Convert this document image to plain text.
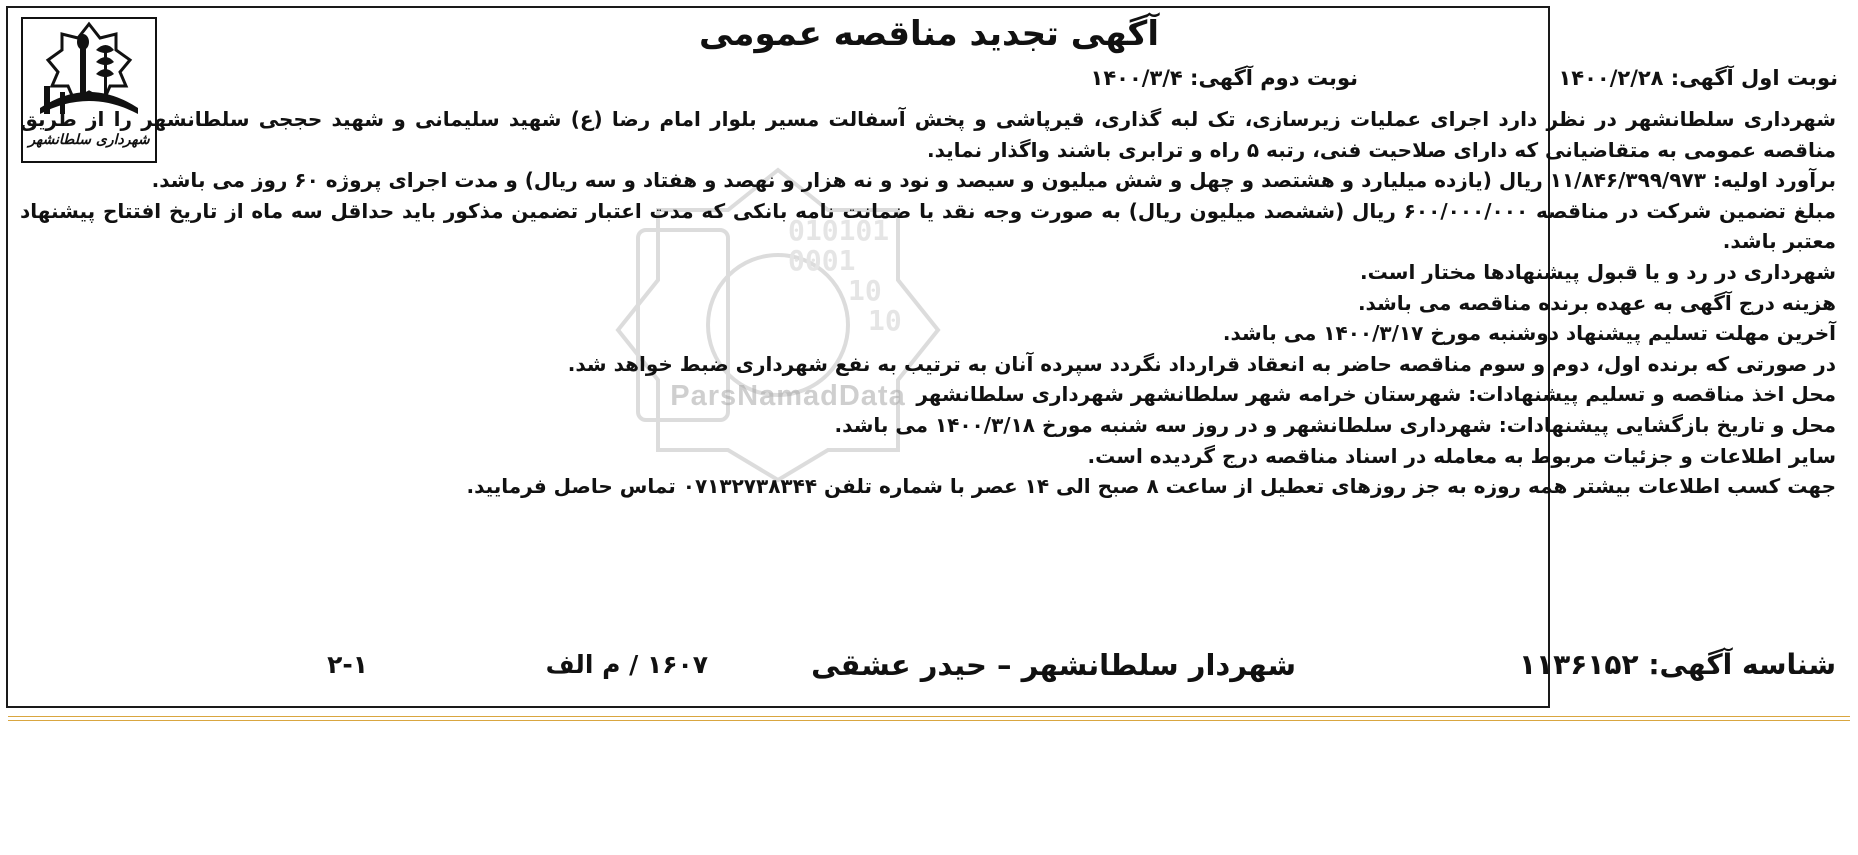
010101
0001
10
10
ParsNamadData
شهرداری سلطانشهر
آگهی تجدید مناقصه عمومی
نوبت اول آگهی: ۱۴۰۰/۲/۲۸
نوبت دوم آگهی: ۱۴۰۰/۳/۴

شهرداری سلطانشهر در نظر دارد اجرای عملیات زیرسازی، تک لبه گذاری، قیرپاشی و پخش آسفالت مسیر بلوار امام رضا (ع) شهید سلیمانی و شهید حججی سلطانشهر را از طریق مناقصه عمومی به متقاضیانی که دارای صلاحیت فنی، رتبه ۵ راه و ترابری باشند واگذار نماید.

برآورد اولیه: ۱۱/۸۴۶/۳۹۹/۹۷۳ ریال (یازده میلیارد و هشتصد و چهل و شش میلیون و سیصد و نود و نه هزار و نهصد و هفتاد و سه ریال) و مدت اجرای پروژه ۶۰ روز می باشد.

مبلغ تضمین شرکت در مناقصه ۶۰۰/۰۰۰/۰۰۰ ریال (ششصد میلیون ریال) به صورت وجه نقد یا ضمانت نامه بانکی که مدت اعتبار تضمین مذکور باید حداقل سه ماه از تاریخ افتتاح پیشنهاد معتبر باشد.

شهرداری در رد و یا قبول پیشنهادها مختار است.

هزینه درج آگهی به عهده برنده مناقصه می باشد.

آخرین مهلت تسلیم پیشنهاد دوشنبه مورخ ۱۴۰۰/۳/۱۷ می باشد.

در صورتی که برنده اول، دوم و سوم مناقصه حاضر به انعقاد قرارداد نگردد سپرده آنان به ترتیب به نفع شهرداری ضبط خواهد شد.

محل اخذ مناقصه و تسلیم پیشنهادات: شهرستان خرامه شهر سلطانشهر شهرداری سلطانشهر

محل و تاریخ بازگشایی پیشنهادات: شهرداری سلطانشهر و در روز سه شنبه مورخ ۱۴۰۰/۳/۱۸ می باشد.

سایر اطلاعات و جزئیات مربوط به معامله در اسناد مناقصه درج گردیده است.

جهت کسب اطلاعات بیشتر همه روزه به جز روزهای تعطیل از ساعت ۸ صبح الی ۱۴ عصر با شماره تلفن ۰۷۱۳۲۷۳۸۳۴۴ تماس حاصل فرمایید.

شناسه آگهی: ۱۱۳۶۱۵۲
شهردار سلطانشهر – حیدر عشقی
۱۶۰۷ / م الف
۲-۱
